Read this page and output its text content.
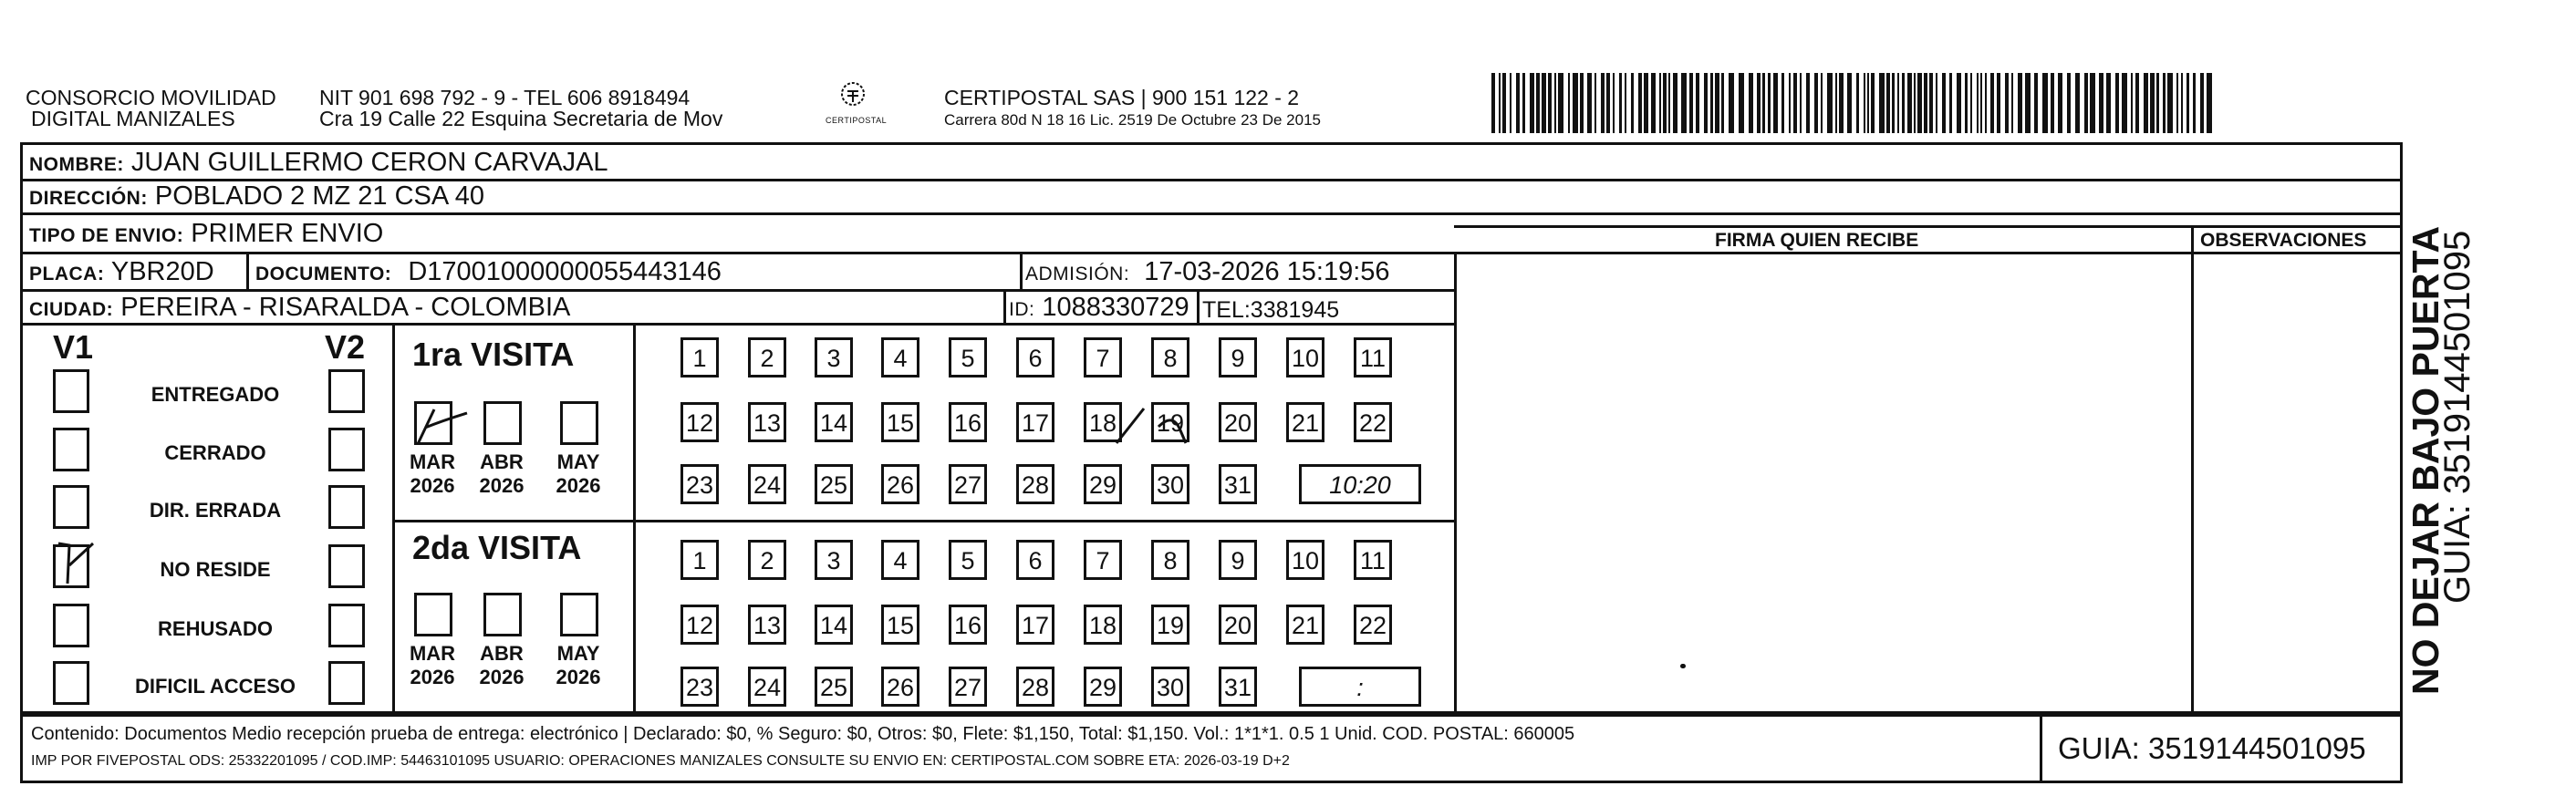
CONSORCIO MOVILIDAD
DIGITAL MANIZALES
NIT 901 698 792 - 9 - TEL 606 8918494
Cra 19 Calle 22 Esquina Secretaria de Mov	CERTIPOSTAL
CERTIPOSTAL SAS | 900 151 122 - 2
Carrera 80d N 18 16 Lic. 2519 De Octubre 23 De 2015
NOMBRE: JUAN GUILLERMO CERON CARVAJAL
DIRECCIÓN: POBLADO 2 MZ 21 CSA 40
TIPO DE ENVIO: PRIMER ENVIO	FIRMA QUIEN RECIBE	OBSERVACIONES
PLACA: YBR20D DOCUMENTO: D17001000000055443146	ADMISIÓN: 17-03-2026 15:19:56
CIUDAD: PEREIRA - RISARALDA - COLOMBIA	ID: 1088330729 TEL:3381945
V1	V2
ENTREGADO
CERRADO
DIR. ERRADA
NO RESIDE
REHUSADO
DIFICIL ACCESO
1ra VISITA
2da VISITA
1	2	3	4	5	6	7	8	9	10 11
12 13 14 15 16 17 18 19 20 21 22
23 24 25 26 27 28 29 30 31	10:20
1	2	3	4	5	6	7	8	9	10 11
12 13 14 15 16 17 18 19 20 21 22
23 24 25 26 27 28 29 30 31	:
MAR
2026
ABR
2026
MAY
2026
MAR
2026
ABR
2026
MAY
2026
Contenido: Documentos Medio recepción prueba de entrega: electrónico | Declarado: $0, % Seguro: $0, Otros: $0, Flete: $1,150, Total: $1,150. Vol.: 1*1*1. 0.5 1 Unid. COD. POSTAL: 660005
IMP POR FIVEPOSTAL ODS: 25332201095 / COD.IMP: 54463101095 USUARIO: OPERACIONES MANIZALES CONSULTE SU ENVIO EN: CERTIPOSTAL.COM SOBRE ETA: 2026-03-19 D+2	GUIA: 3519144501095
NO DEJAR BAJO PUERTA
GUIA: 3519144501095
